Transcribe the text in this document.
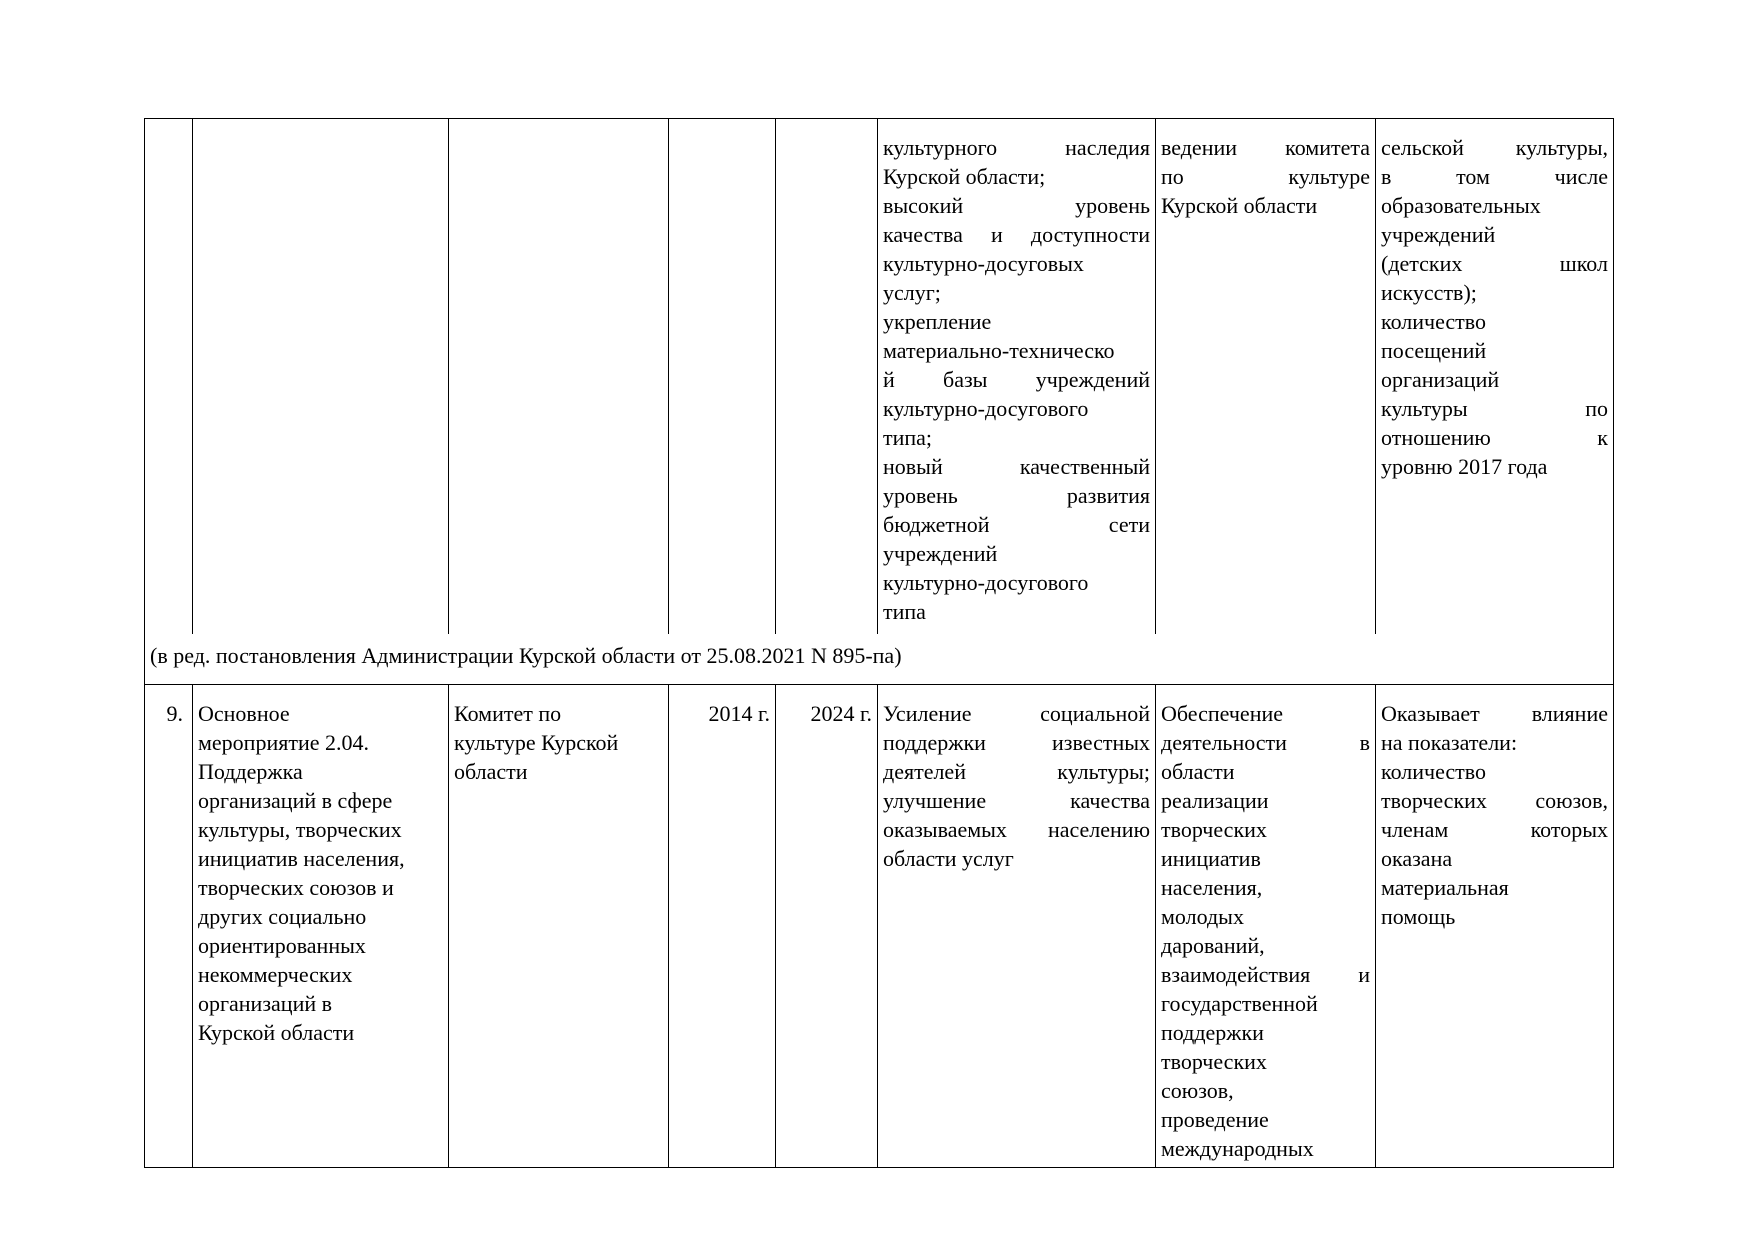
культурного наследия
Курской области;
высокий уровень
качества и доступности
культурно-досуговых
услуг;
укрепление
материально-техническо
й базы учреждений
культурно-досугового
типа;
новый качественный
уровень развития
бюджетной сети
учреждений
культурно-досугового
типа
ведении комитета
по культуре
Курской области
сельской культуры,
в том числе
образовательных
учреждений
(детских школ
искусств);
количество
посещений
организаций
культуры по
отношению к
уровню 2017 года
(в ред. постановления Администрации Курской области от 25.08.2021 N 895-па)
9. Основное
мероприятие 2.04.
Поддержка
организаций в сфере
культуры, творческих
инициатив населения,
творческих союзов и
других социально
ориентированных
некоммерческих
организаций в
Курской области
Комитет по
культуре Курской
области
2014 г.	2024 г. Усиление социальной
поддержки известных
деятелей культуры;
улучшение качества
оказываемых населению
области услуг
Обеспечение
деятельности в
области
реализации
творческих
инициатив
населения,
молодых
дарований,
взаимодействия и
государственной
поддержки
творческих
союзов,
проведение
международных
Оказывает влияние
на показатели:
количество
творческих союзов,
членам которых
оказана
материальная
помощь
